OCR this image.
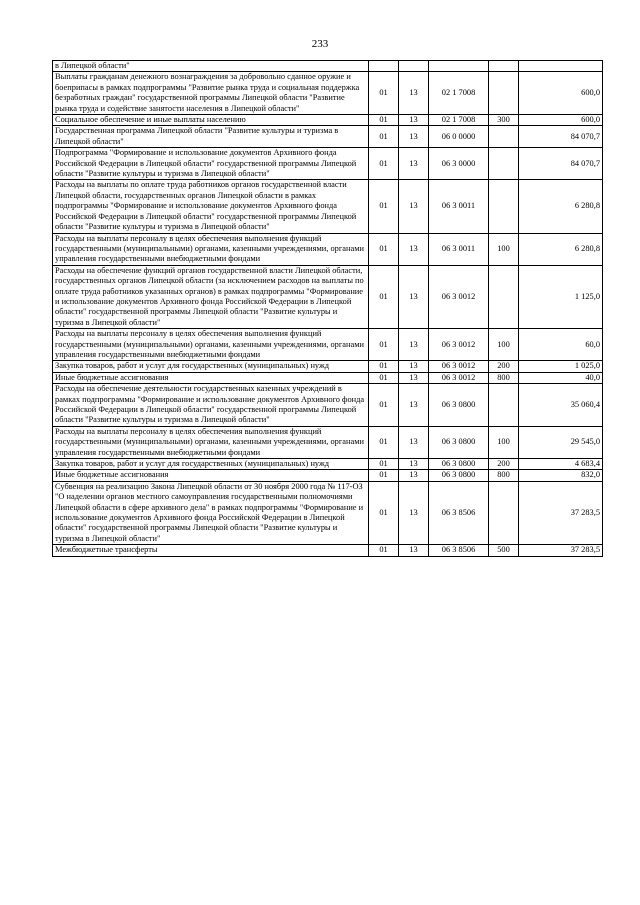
233
в Липецкой области"					
Выплаты гражданам денежного вознаграждения за добровольно сданное оружие и боеприпасы в рамках подпрограммы "Развитие рынка труда и социальная поддержка безработных граждан" государственной программы Липецкой области "Развитие рынка труда и содействие занятости населения в Липецкой области"	01	13	02 1 7008		600,0
Социальное обеспечение и иные выплаты населению	01	13	02 1 7008	300	600,0
Государственная программа Липецкой области "Развитие культуры и туризма в Липецкой области"	01	13	06 0 0000		84 070,7
Подпрограмма "Формирование и использование документов Архивного фонда Российской Федерации в Липецкой области" государственной программы Липецкой области "Развитие культуры и туризма в Липецкой области"	01	13	06 3 0000		84 070,7
Расходы на выплаты по оплате труда работников органов государственной власти Липецкой области, государственных органов Липецкой области в рамках подпрограммы "Формирование и использование документов Архивного фонда Российской Федерации в Липецкой области" государственной программы Липецкой области "Развитие культуры и туризма в Липецкой области"	01	13	06 3 0011		6 280,8
Расходы на выплаты персоналу в целях обеспечения выполнения функций государственными (муниципальными) органами, казенными учреждениями, органами управления государственными внебюджетными фондами	01	13	06 3 0011	100	6 280,8
Расходы на обеспечение функций органов государственной власти Липецкой области, государственных органов Липецкой области (за исключением расходов на выплаты по оплате труда работников указанных органов) в рамках подпрограммы "Формирование и использование документов Архивного фонда Российской Федерации в Липецкой области" государственной программы Липецкой области "Развитие культуры и туризма в Липецкой области"	01	13	06 3 0012		1 125,0
Расходы на выплаты персоналу в целях обеспечения выполнения функций государственными (муниципальными) органами, казенными учреждениями, органами управления государственными внебюджетными фондами	01	13	06 3 0012	100	60,0
Закупка товаров, работ и услуг для государственных (муниципальных) нужд	01	13	06 3 0012	200	1 025,0
Иные бюджетные ассигнования	01	13	06 3 0012	800	40,0
Расходы на обеспечение деятельности государственных казенных учреждений в рамках подпрограммы "Формирование и использование документов Архивного фонда Российской Федерации в Липецкой области" государственной программы Липецкой области "Развитие культуры и туризма в Липецкой области"	01	13	06 3 0800		35 060,4
Расходы на выплаты персоналу в целях обеспечения выполнения функций государственными (муниципальными) органами, казенными учреждениями, органами управления государственными внебюджетными фондами	01	13	06 3 0800	100	29 545,0
Закупка товаров, работ и услуг для государственных (муниципальных) нужд	01	13	06 3 0800	200	4 683,4
Иные бюджетные ассигнования	01	13	06 3 0800	800	832,0
Субвенция на реализацию Закона Липецкой области от 30 ноября 2000 года № 117-ОЗ "О наделении органов местного самоуправления государственными полномочиями Липецкой области в сфере архивного дела" в рамках подпрограммы "Формирование и использование документов Архивного фонда Российской Федерации в Липецкой области" государственной программы Липецкой области "Развитие культуры и туризма в Липецкой области"	01	13	06 3 8506		37 283,5
Межбюджетные трансферты	01	13	06 3 8506	500	37 283,5
